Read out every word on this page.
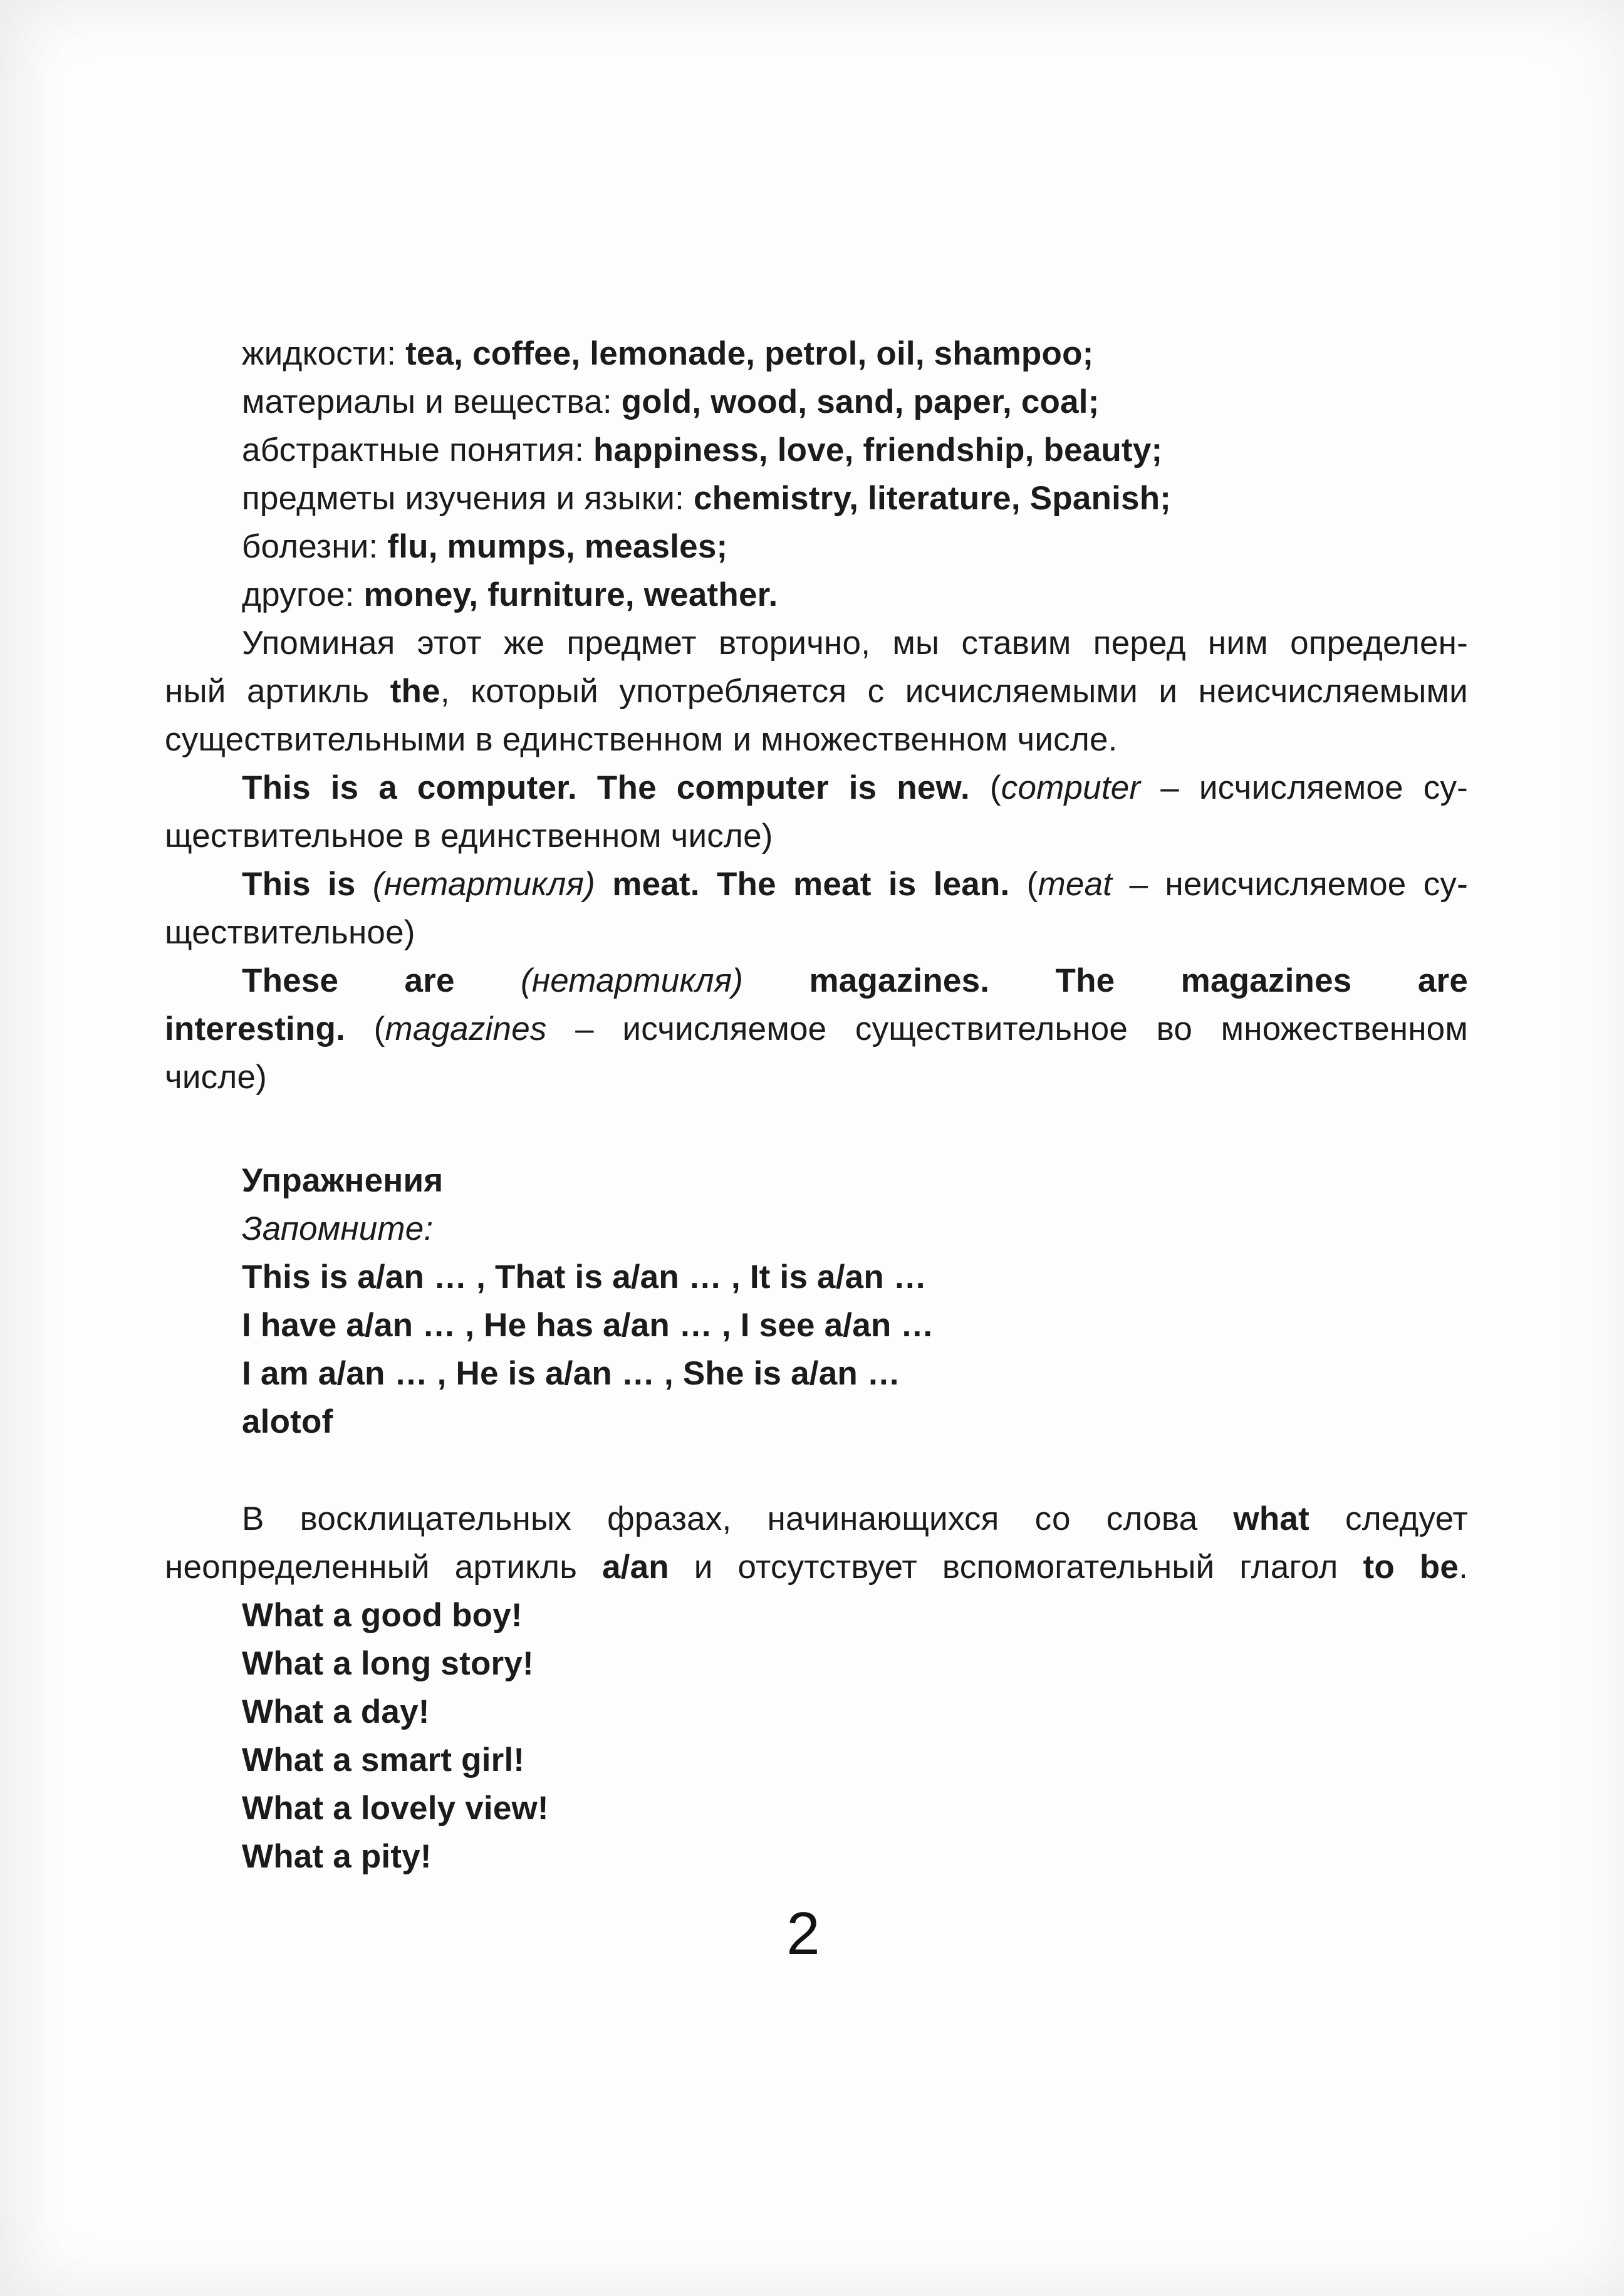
жидкости: tea, coffee, lemonade, petrol, oil, shampoo;
материалы и вещества: gold, wood, sand, paper, coal;
абстрактные понятия: happiness, love, friendship, beauty;
предметы изучения и языки: chemistry, literature, Spanish;
болезни: flu, mumps, measles;
другое: money, furniture, weather.
Упоминая этот же предмет вторично, мы ставим перед ним определен-
ный артикль the, который употребляется с исчисляемыми и неисчисляемыми
существительными в единственном и множественном числе.
This is a computer. The computer is new. (computer – исчисляемое су-
ществительное в единственном числе)
This is (нетартикля) meat. The meat is lean. (meat – неисчисляемое су-
ществительное)
These are (нетартикля) magazines. The magazines are
interesting. (magazines – исчисляемое существительное во множественном
числе)
Упражнения
Запомните:
This is a/an … , That is a/an … , It is a/an …
I have a/an … , He has a/an … , I see a/an …
I am a/an … , He is a/an … , She is a/an …
alotof
В восклицательных фразах, начинающихся со слова what следует
неопределенный артикль a/an и отсутствует вспомогательный глагол to be.
What a good boy!
What a long story!
What a day!
What a smart girl!
What a lovely view!
What a pity!
2
